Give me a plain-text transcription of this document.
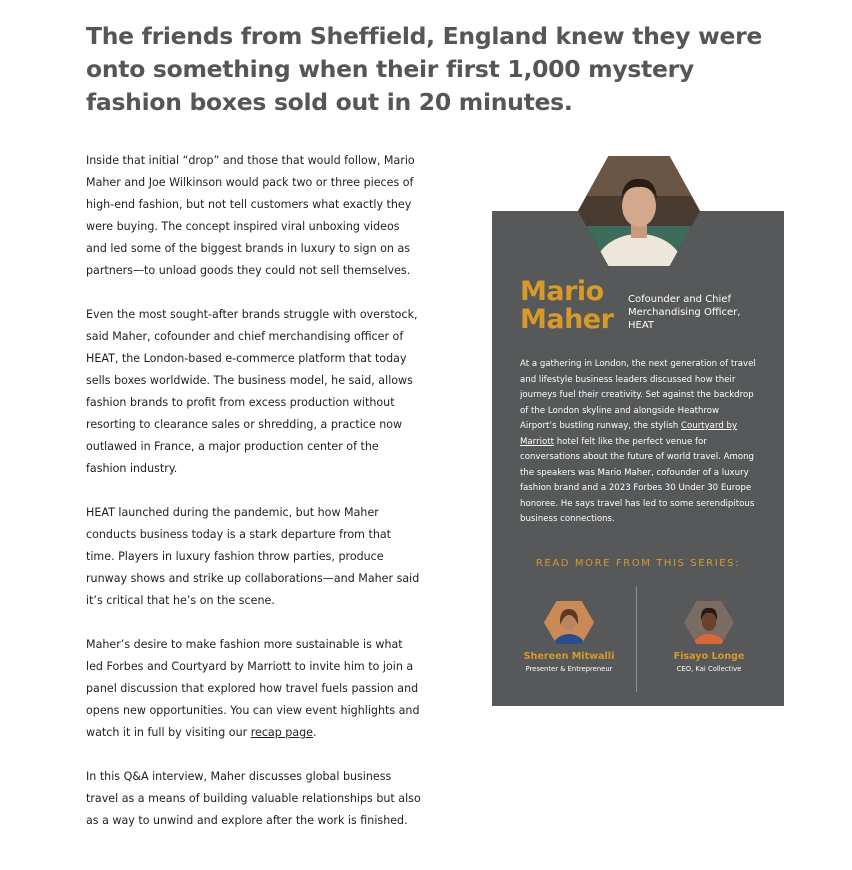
The friends from Sheffield, England knew they were onto something when their first 1,000 mystery fashion boxes sold out in 20 minutes.

Inside that initial “drop” and those that would follow, Mario Maher and Joe Wilkinson would pack two or three pieces of high-end fashion, but not tell customers what exactly they were buying. The concept inspired viral unboxing videos and led some of the biggest brands in luxury to sign on as partners—to unload goods they could not sell themselves.

Even the most sought-after brands struggle with overstock, said Maher, cofounder and chief merchandising officer of HEAT, the London-based e-commerce platform that today sells boxes worldwide. The business model, he said, allows fashion brands to profit from excess production without resorting to clearance sales or shredding, a practice now outlawed in France, a major production center of the fashion industry.

HEAT launched during the pandemic, but how Maher conducts business today is a stark departure from that time. Players in luxury fashion throw parties, produce runway shows and strike up collaborations—and Maher said it’s critical that he’s on the scene.

Maher’s desire to make fashion more sustainable is what led Forbes and Courtyard by Marriott to invite him to join a panel discussion that explored how travel fuels passion and opens new opportunities. You can view event highlights and watch it in full by visiting our recap page.

In this Q&A interview, Maher discusses global business travel as a means of building valuable relationships but also as a way to unwind and explore after the work is finished.

Mario
Maher
Cofounder and Chief Merchandising Officer, HEAT
At a gathering in London, the next generation of travel and lifestyle business leaders discussed how their journeys fuel their creativity. Set against the backdrop of the London skyline and alongside Heathrow Airport’s bustling runway, the stylish Courtyard by Marriott hotel felt like the perfect venue for conversations about the future of world travel. Among the speakers was Mario Maher, cofounder of a luxury fashion brand and a 2023 Forbes 30 Under 30 Europe honoree. He says travel has led to some serendipitous business connections.
READ MORE FROM THIS SERIES:
Shereen Mitwalli
Presenter & Entrepreneur
Fisayo Longe
CEO, Kai Collective
